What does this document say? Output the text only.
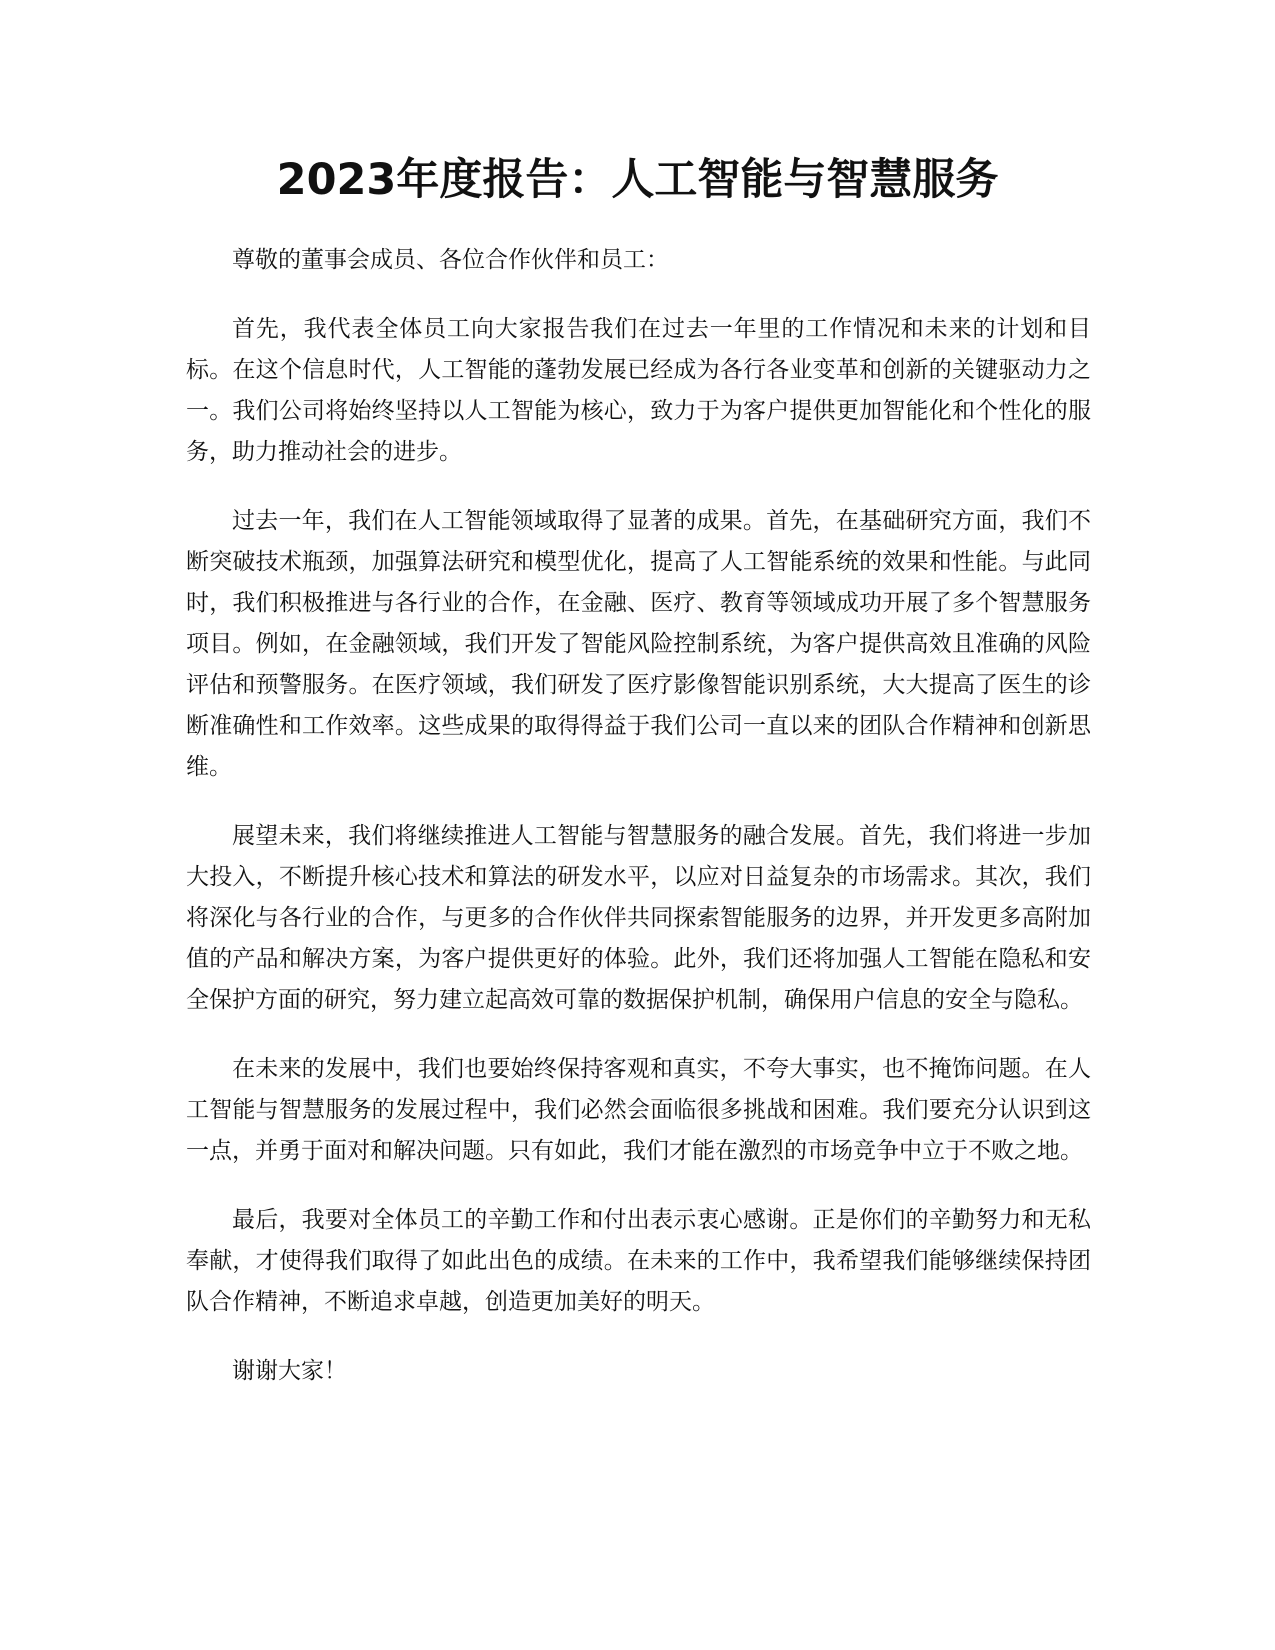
2023年度报告：人工智能与智慧服务

尊敬的董事会成员、各位合作伙伴和员工：

首先，我代表全体员工向大家报告我们在过去一年里的工作情况和未来的计划和目标。在这个信息时代，人工智能的蓬勃发展已经成为各行各业变革和创新的关键驱动力之一。我们公司将始终坚持以人工智能为核心，致力于为客户提供更加智能化和个性化的服务，助力推动社会的进步。

过去一年，我们在人工智能领域取得了显著的成果。首先，在基础研究方面，我们不断突破技术瓶颈，加强算法研究和模型优化，提高了人工智能系统的效果和性能。与此同时，我们积极推进与各行业的合作，在金融、医疗、教育等领域成功开展了多个智慧服务项目。例如，在金融领域，我们开发了智能风险控制系统，为客户提供高效且准确的风险评估和预警服务。在医疗领域，我们研发了医疗影像智能识别系统，大大提高了医生的诊断准确性和工作效率。这些成果的取得得益于我们公司一直以来的团队合作精神和创新思维。

展望未来，我们将继续推进人工智能与智慧服务的融合发展。首先，我们将进一步加大投入，不断提升核心技术和算法的研发水平，以应对日益复杂的市场需求。其次，我们将深化与各行业的合作，与更多的合作伙伴共同探索智能服务的边界，并开发更多高附加值的产品和解决方案，为客户提供更好的体验。此外，我们还将加强人工智能在隐私和安全保护方面的研究，努力建立起高效可靠的数据保护机制，确保用户信息的安全与隐私。

在未来的发展中，我们也要始终保持客观和真实，不夸大事实，也不掩饰问题。在人工智能与智慧服务的发展过程中，我们必然会面临很多挑战和困难。我们要充分认识到这一点，并勇于面对和解决问题。只有如此，我们才能在激烈的市场竞争中立于不败之地。

最后，我要对全体员工的辛勤工作和付出表示衷心感谢。正是你们的辛勤努力和无私奉献，才使得我们取得了如此出色的成绩。在未来的工作中，我希望我们能够继续保持团队合作精神，不断追求卓越，创造更加美好的明天。

谢谢大家！
